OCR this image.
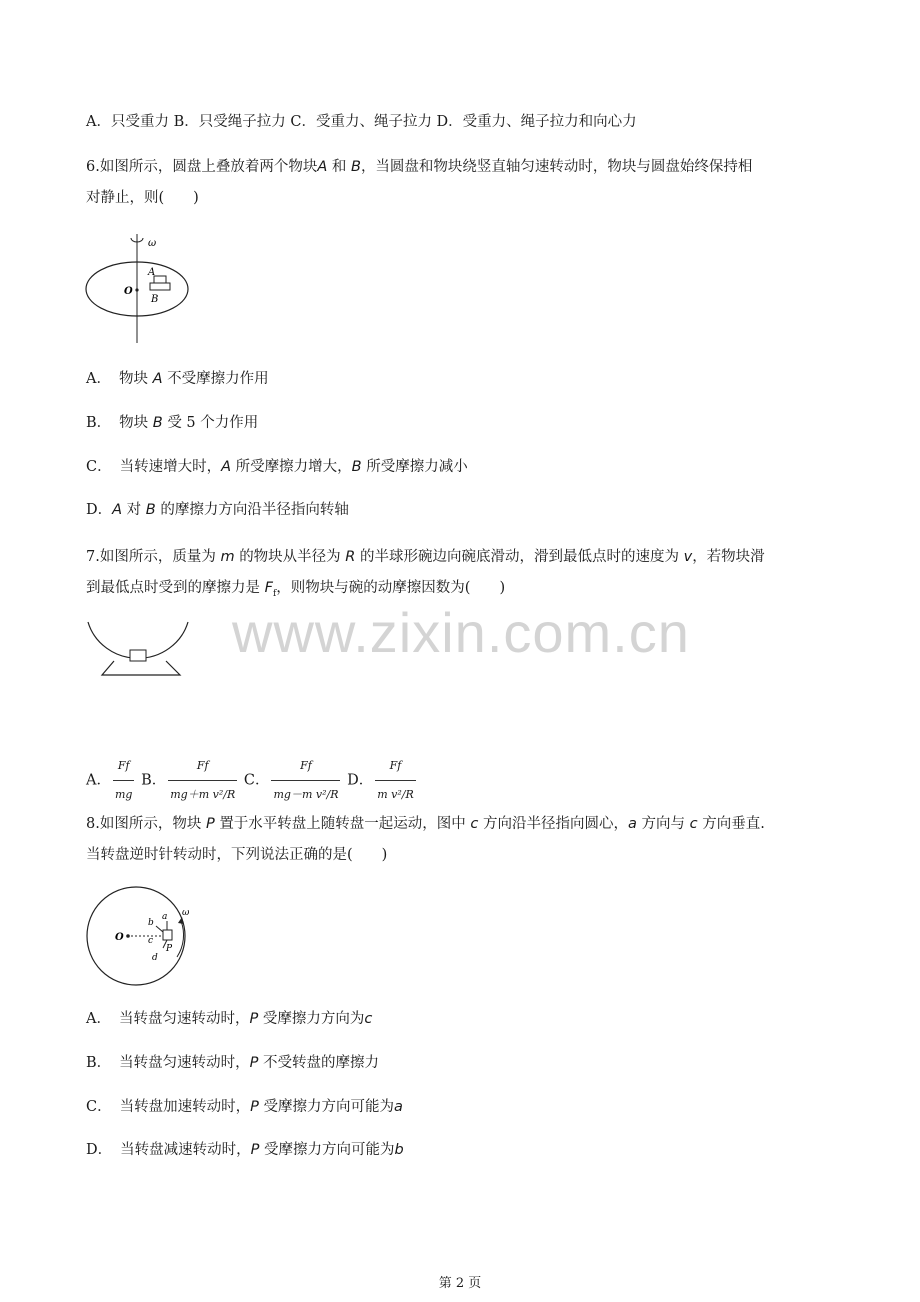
A．只受重力 B．只受绳子拉力 C．受重力、绳子拉力 D．受重力、绳子拉力和向心力
6.如图所示，圆盘上叠放着两个物块A 和 B，当圆盘和物块绕竖直轴匀速转动时，物块与圆盘始终保持相
对静止，则(　　)
ω
O
A
B
A． 物块 A 不受摩擦力作用
B． 物块 B 受 5 个力作用
C． 当转速增大时，A 所受摩擦力增大，B 所受摩擦力减小
D．A 对 B 的摩擦力方向沿半径指向转轴
7.如图所示，质量为 m 的物块从半径为 R 的半球形碗边向碗底滑动，滑到最低点时的速度为 v，若物块滑
到最低点时受到的摩擦力是 $F_f$，则物块与碗的动摩擦因数为(　　)
www.zixin.com.cn
A． $\frac{Ff}{mg}$ B． $\frac{Ff}{\text{mg＋m v²/R}}$ C． $\frac{Ff}{\text{mg－m v²/R}}$ D． $\frac{Ff}{\text{m v²/R}}$
8.如图所示，物块 P 置于水平转盘上随转盘一起运动，图中 c 方向沿半径指向圆心，a 方向与 c 方向垂直.
当转盘逆时针转动时，下列说法正确的是(　　)
O
a
b
c
d
P
ω
A． 当转盘匀速转动时，P 受摩擦力方向为c
B． 当转盘匀速转动时，P 不受转盘的摩擦力
C． 当转盘加速转动时，P 受摩擦力方向可能为a
D． 当转盘减速转动时，P 受摩擦力方向可能为b
第 2 页
